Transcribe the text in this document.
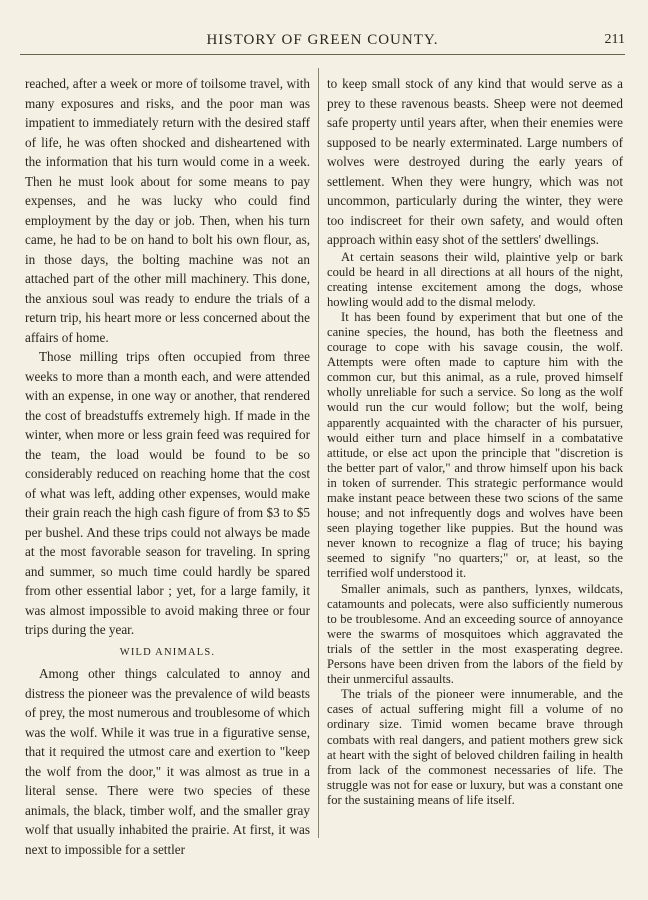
HISTORY OF GREEN COUNTY.	211

reached, after a week or more of toilsome travel, with many exposures and risks, and the poor man was impatient to immediately return with the desired staff of life, he was often shocked and disheartened with the information that his turn would come in a week. Then he must look about for some means to pay expenses, and he was lucky who could find employment by the day or job. Then, when his turn came, he had to be on hand to bolt his own flour, as, in those days, the bolting machine was not an attached part of the other mill machinery. This done, the anxious soul was ready to endure the trials of a return trip, his heart more or less concerned about the affairs of home.

Those milling trips often occupied from three weeks to more than a month each, and were attended with an expense, in one way or another, that rendered the cost of breadstuffs extremely high. If made in the winter, when more or less grain feed was required for the team, the load would be found to be so considerably reduced on reaching home that the cost of what was left, adding other expenses, would make their grain reach the high cash figure of from $3 to $5 per bushel. And these trips could not always be made at the most favorable season for traveling. In spring and summer, so much time could hardly be spared from other essential labor ; yet, for a large family, it was almost impossible to avoid making three or four trips during the year.

WILD ANIMALS.

Among other things calculated to annoy and distress the pioneer was the prevalence of wild beasts of prey, the most numerous and troublesome of which was the wolf. While it was true in a figurative sense, that it required the utmost care and exertion to "keep the wolf from the door," it was almost as true in a literal sense. There were two species of these animals, the black, timber wolf, and the smaller gray wolf that usually inhabited the prairie. At first, it was next to impossible for a settler

to keep small stock of any kind that would serve as a prey to these ravenous beasts. Sheep were not deemed safe property until years after, when their enemies were supposed to be nearly exterminated. Large numbers of wolves were destroyed during the early years of settlement. When they were hungry, which was not uncommon, particularly during the winter, they were too indiscreet for their own safety, and would often approach within easy shot of the settlers' dwellings.

At certain seasons their wild, plaintive yelp or bark could be heard in all directions at all hours of the night, creating intense excitement among the dogs, whose howling would add to the dismal melody.

It has been found by experiment that but one of the canine species, the hound, has both the fleetness and courage to cope with his savage cousin, the wolf. Attempts were often made to capture him with the common cur, but this animal, as a rule, proved himself wholly unreliable for such a service. So long as the wolf would run the cur would follow; but the wolf, being apparently acquainted with the character of his pursuer, would either turn and place himself in a combatative attitude, or else act upon the principle that "discretion is the better part of valor," and throw himself upon his back in token of surrender. This strategic performance would make instant peace between these two scions of the same house; and not infrequently dogs and wolves have been seen playing together like puppies. But the hound was never known to recognize a flag of truce; his baying seemed to signify "no quarters;" or, at least, so the terrified wolf understood it.

Smaller animals, such as panthers, lynxes, wildcats, catamounts and polecats, were also sufficiently numerous to be troublesome. And an exceeding source of annoyance were the swarms of mosquitoes which aggravated the trials of the settler in the most exasperating degree. Persons have been driven from the labors of the field by their unmerciful assaults.

The trials of the pioneer were innumerable, and the cases of actual suffering might fill a volume of no ordinary size. Timid women became brave through combats with real dangers, and patient mothers grew sick at heart with the sight of beloved children failing in health from lack of the commonest necessaries of life. The struggle was not for ease or luxury, but was a constant one for the sustaining means of life itself.
